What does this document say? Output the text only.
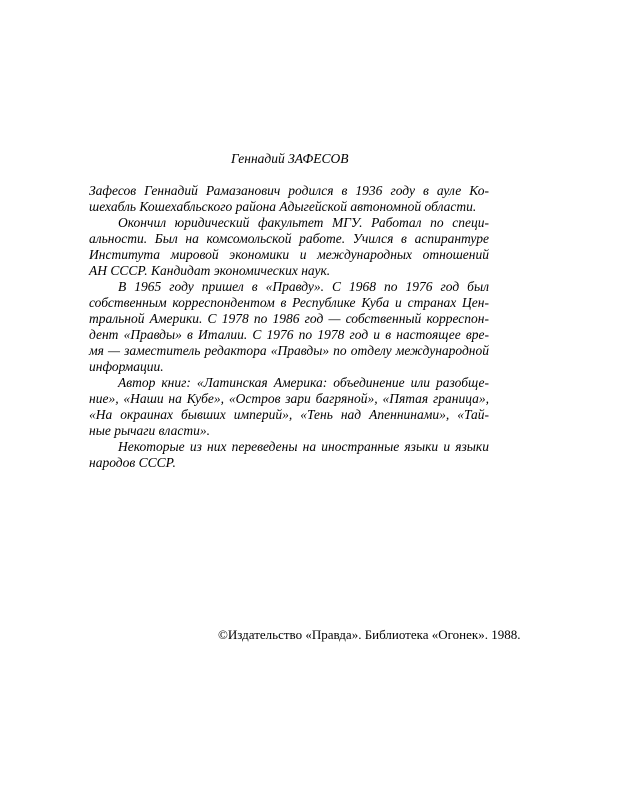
Геннадий ЗАФЕСОВ
Зафесов Геннадий Рамазанович родился в 1936 году в ауле Ко-
шехабль Кошехабльского района Адыгейской автономной области.
Окончил юридический факультет МГУ. Работал по специ-
альности. Был на комсомольской работе. Учился в аспирантуре
Института мировой экономики и международных отношений
АН СССР. Кандидат экономических наук.
В 1965 году пришел в «Правду». С 1968 по 1976 год был
собственным корреспондентом в Республике Куба и странах Цен-
тральной Америки. С 1978 по 1986 год — собственный корреспон-
дент «Правды» в Италии. С 1976 по 1978 год и в настоящее вре-
мя — заместитель редактора «Правды» по отделу международной
информации.
Автор книг: «Латинская Америка: объединение или разобще-
ние», «Наши на Кубе», «Остров зари багряной», «Пятая граница»,
«На окраинах бывших империй», «Тень над Апеннинами», «Тай-
ные рычаги власти».
Некоторые из них переведены на иностранные языки и языки
народов СССР.
©Издательство «Правда». Библиотека «Огонек». 1988.
